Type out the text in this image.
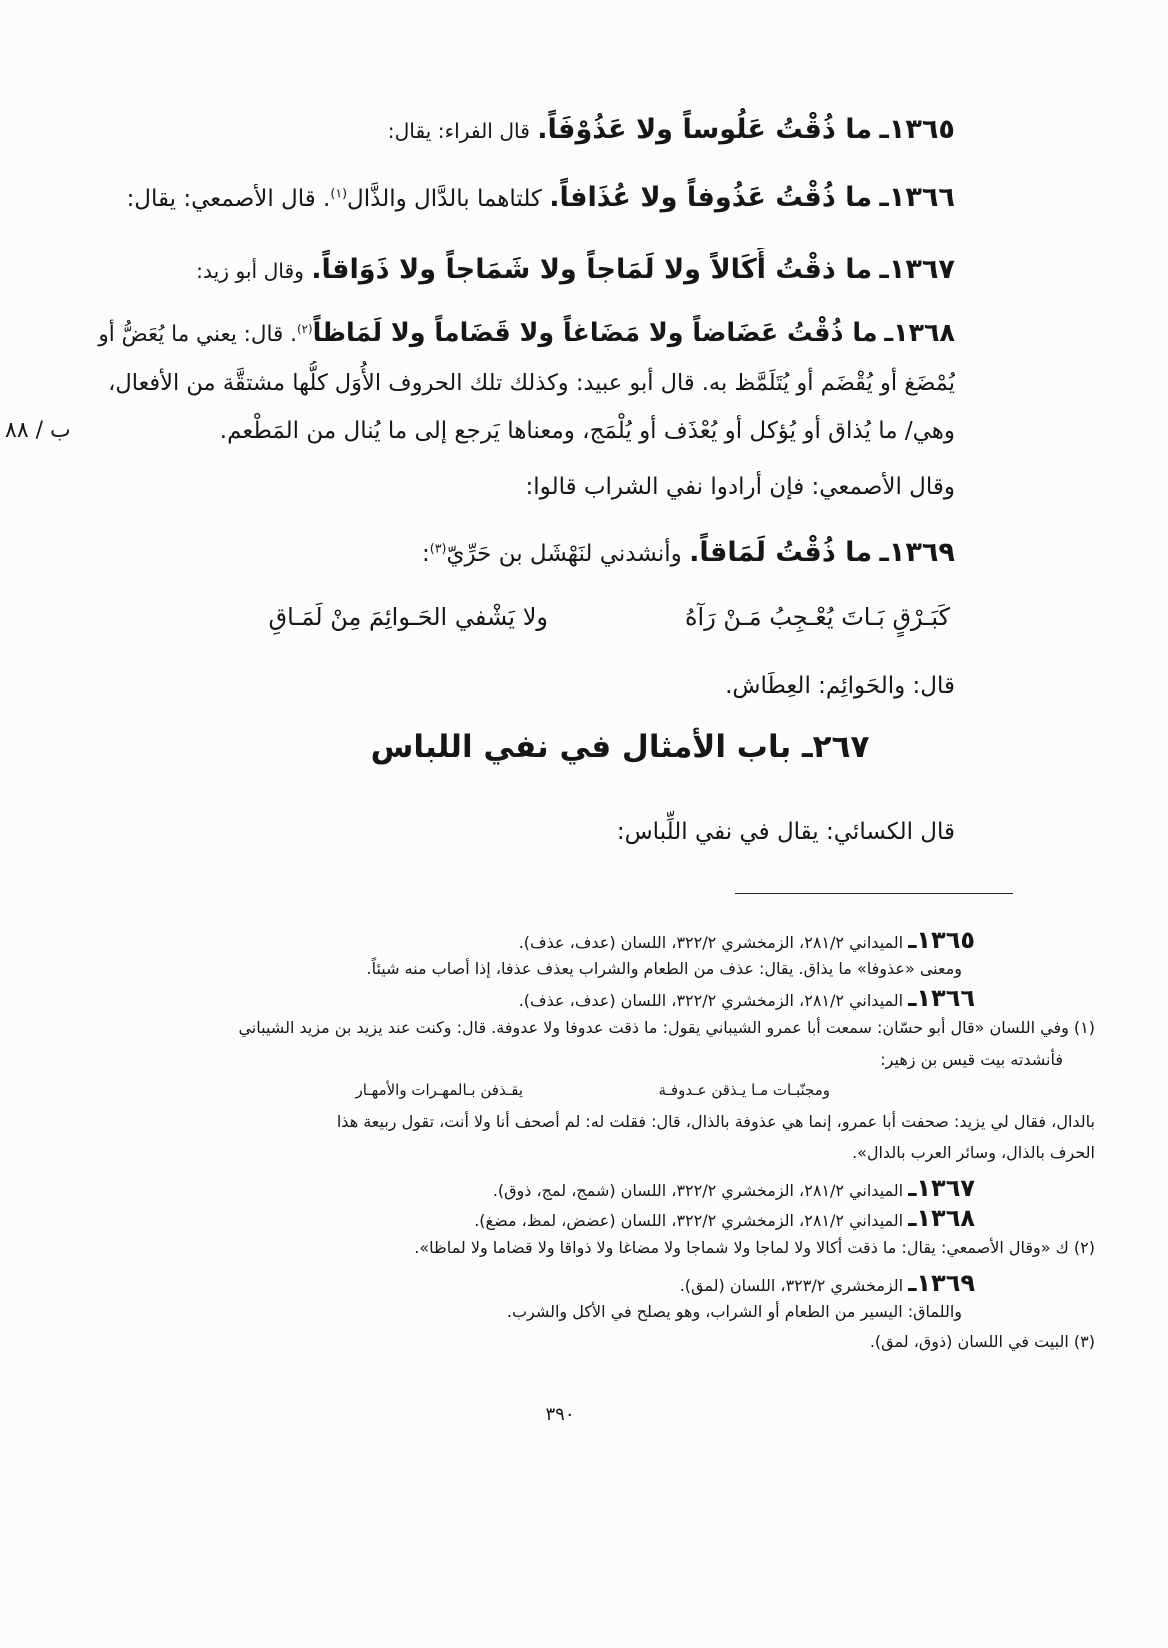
١٣٦٥ـ ما ذُقْتُ عَلُوساً ولا عَذُوْفَاً. قال الفراء: يقال:
١٣٦٦ـ ما ذُقْتُ عَذُوفاً ولا عُذَافاً. كلتاهما بالدَّال والذَّال$^{(١)}$. قال الأصمعي: يقال:
١٣٦٧ـ ما ذقْتُ أَكَالاً ولا لَمَاجاً ولا شَمَاجاً ولا ذَوَاقاً. وقال أبو زيد:
١٣٦٨ـ ما ذُقْتُ عَضَاضاً ولا مَضَاغاً ولا قَضَاماً ولا لَمَاظاً$^{(٢)}$. قال: يعني ما يُعَضُّ أو
يُمْضَغ أو يُقْضَم أو يُتَلَمَّظ به. قال أبو عبيد: وكذلك تلك الحروف الأُوَل كلُّها مشتقَّة من الأفعال،
وهي/ ما يُذاق أو يُؤكل أو يُعْذَف أو يُلْمَج، ومعناها يَرجع إلى ما يُنال من المَطْعم.
٨٨ / ب
وقال الأصمعي: فإن أرادوا نفي الشراب قالوا:
١٣٦٩ـ ما ذُقْتُ لَمَاقاً. وأنشدني لنَهْشَل بن حَرِّيّ$^{(٣)}$:
كَبَـرْقٍ بَـاتَ يُعْـجِبُ مَـنْ رَآهُ
ولا يَشْفي الحَـوائِمَ مِنْ لَمَـاقِ
قال: والحَوائِم: العِطَاش.
٢٦٧ـ باب الأمثال في نفي اللباس
قال الكسائي: يقال في نفي اللِّباس:
١٣٦٥ـ الميداني ٢٨١/٢، الزمخشري ٣٢٢/٢، اللسان (عدف، عذف).
ومعنى «عذوفا» ما يذاق. يقال: عذف من الطعام والشراب يعذف عذفا، إذا أصاب منه شيئاً.
١٣٦٦ـ الميداني ٢٨١/٢، الزمخشري ٣٢٢/٢، اللسان (عدف، عذف).
(١) وفي اللسان «قال أبو حسّان: سمعت أبا عمرو الشيباني يقول: ما ذقت عدوفا ولا عدوفة. قال: وكنت عند يزيد بن مزيد الشيباني
فأنشدته بيت قيس بن زهير:
ومجنّبـات مـا يـذقن عـدوفـة
يقـذفن بـالمهـرات والأمهـار
بالدال، فقال لي يزيد: صحفت أبا عمرو، إنما هي عذوفة بالذال، قال: فقلت له: لم أصحف أنا ولا أنت، تقول ربيعة هذا
الحرف بالذال، وسائر العرب بالدال».
١٣٦٧ـ الميداني ٢٨١/٢، الزمخشري ٣٢٢/٢، اللسان (شمج، لمج، ذوق).
١٣٦٨ـ الميداني ٢٨١/٢، الزمخشري ٣٢٢/٢، اللسان (عضض، لمظ، مضغ).
(٢) ك «وقال الأصمعي: يقال: ما ذقت أكالا ولا لماجا ولا شماجا ولا مضاغا ولا ذواقا ولا قضاما ولا لماظا».
١٣٦٩ـ الزمخشري ٣٢٣/٢، اللسان (لمق).
واللماق: اليسير من الطعام أو الشراب، وهو يصلح في الأكل والشرب.
(٣) البيت في اللسان (ذوق، لمق).
٣٩٠
